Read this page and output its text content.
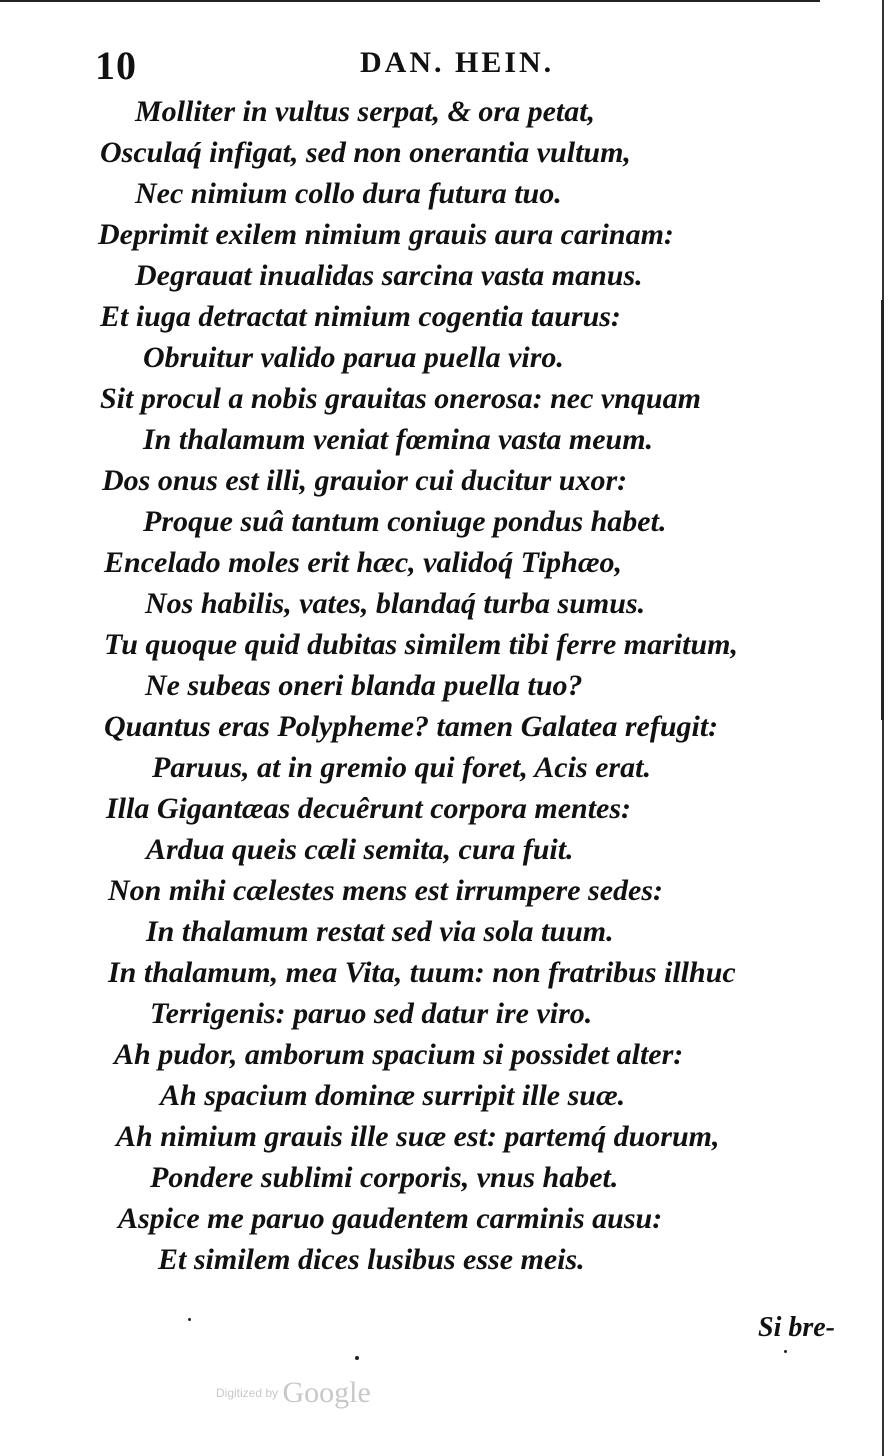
10	DAN. HEIN.
Molliter in vultus serpat, & ora petat,
Osculaq́ infigat, sed non onerantia vultum,
Nec nimium collo dura futura tuo.
Deprimit exilem nimium grauis aura carinam:
Degrauat inualidas sarcina vasta manus.
Et iuga detractat nimium cogentia taurus:
Obruitur valido paruа puella viro.
Sit procul a nobis grauitas onerosa: nec vnquam
In thalamum veniat fœmina vasta meum.
Dos onus est illi, grauior cui ducitur uxor:
Proque suâ tantum coniuge pondus habet.
Encelado moles erit hæc, validoq́ Tiphæo,
Nos habilis, vates, blandaq́ turba sumus.
Tu quoque quid dubitas similem tibi ferre maritum,
Ne subeas oneri blanda puella tuo?
Quantus eras Polypheme? tamen Galatea refugit:
Paruus, at in gremio qui foret, Acis erat.
Illa Gigantæas decuêrunt corpora mentes:
Ardua queis cæli semita, cura fuit.
Non mihi cælestes mens est irrumpere sedes:
In thalamum restat sed via sola tuum.
In thalamum, mea Vita, tuum: non fratribus illhuc
Terrigenis: paruo sed datur ire viro.
Ah pudor, amborum spacium si possidet alter:
Ah spacium dominæ surripit ille suæ.
Ah nimium grauis ille suæ est: partemq́ duorum,
Pondere sublimi corporis, vnus habet.
Aspice me paruo gaudentem carminis ausu:
Et similem dices lusibus esse meis.
Si bre-
Digitized by Google
